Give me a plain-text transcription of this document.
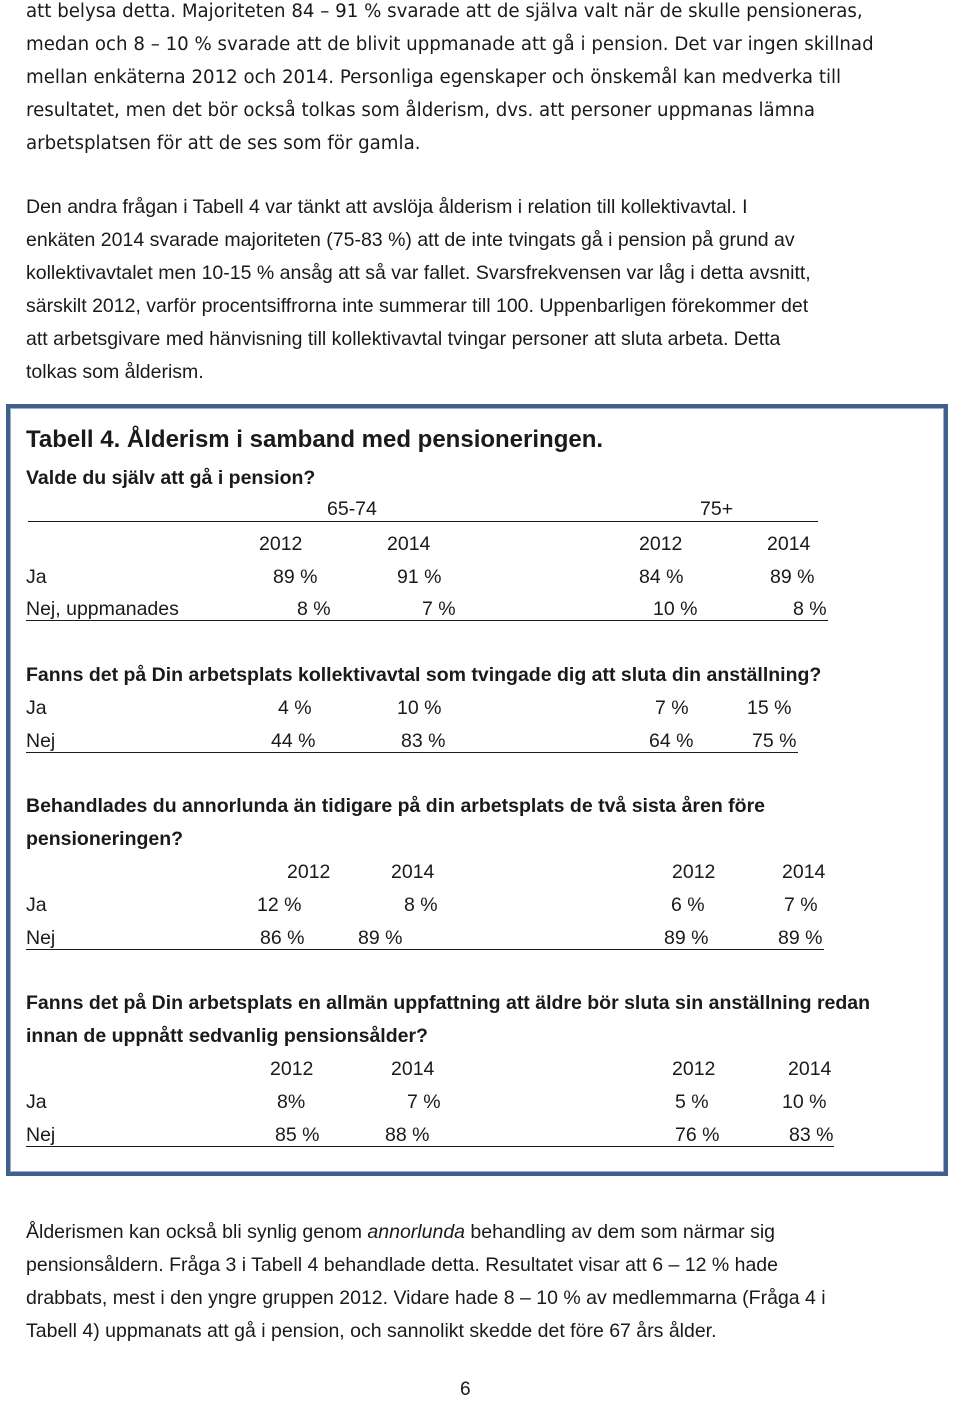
att belysa detta. Majoriteten 84 – 91 % svarade att de själva valt när de skulle pensioneras,
medan och 8 – 10 % svarade att de blivit uppmanade att gå i pension. Det var ingen skillnad
mellan enkäterna 2012 och 2014. Personliga egenskaper och önskemål kan medverka till
resultatet, men det bör också tolkas som ålderism, dvs. att personer uppmanas lämna
arbetsplatsen för att de ses som för gamla.
Den andra frågan i Tabell 4 var tänkt att avslöja ålderism i relation till kollektivavtal. I
enkäten 2014 svarade majoriteten (75-83 %) att de inte tvingats gå i pension på grund av
kollektivavtalet men 10-15 % ansåg att så var fallet. Svarsfrekvensen var låg i detta avsnitt,
särskilt 2012, varför procentsiffrorna inte summerar till 100. Uppenbarligen förekommer det
att arbetsgivare med hänvisning till kollektivavtal tvingar personer att sluta arbeta. Detta
tolkas som ålderism.
Tabell 4. Ålderism i samband med pensioneringen.
Valde du själv att gå i pension?
65-74	75+
2012	2014	2012	2014
Ja	89 %	91 %	84 %	89 %
Nej, uppmanades	8 %	7 %	10 %	8 %
Fanns det på Din arbetsplats kollektivavtal som tvingade dig att sluta din anställning?
Ja	4 %	10 %	7 %	15 %
Nej	44 %	83 %	64 %	75 %
Behandlades du annorlunda än tidigare på din arbetsplats de två sista åren före
pensioneringen?
2012	2014	2012	2014
Ja	12 %	8 %	6 %	7 %
Nej	86 %	89 %	89 %	89 %
Fanns det på Din arbetsplats en allmän uppfattning att äldre bör sluta sin anställning redan
innan de uppnått sedvanlig pensionsålder?
2012	2014	2012	2014
Ja	8%	7 %	5 %	10 %
Nej	85 %	88 %	76 %	83 %
Ålderismen kan också bli synlig genom annorlunda behandling av dem som närmar sig
pensionsåldern. Fråga 3 i Tabell 4 behandlade detta. Resultatet visar att 6 – 12 % hade
drabbats, mest i den yngre gruppen 2012. Vidare hade 8 – 10 % av medlemmarna (Fråga 4 i
Tabell 4) uppmanats att gå i pension, och sannolikt skedde det före 67 års ålder.
6
